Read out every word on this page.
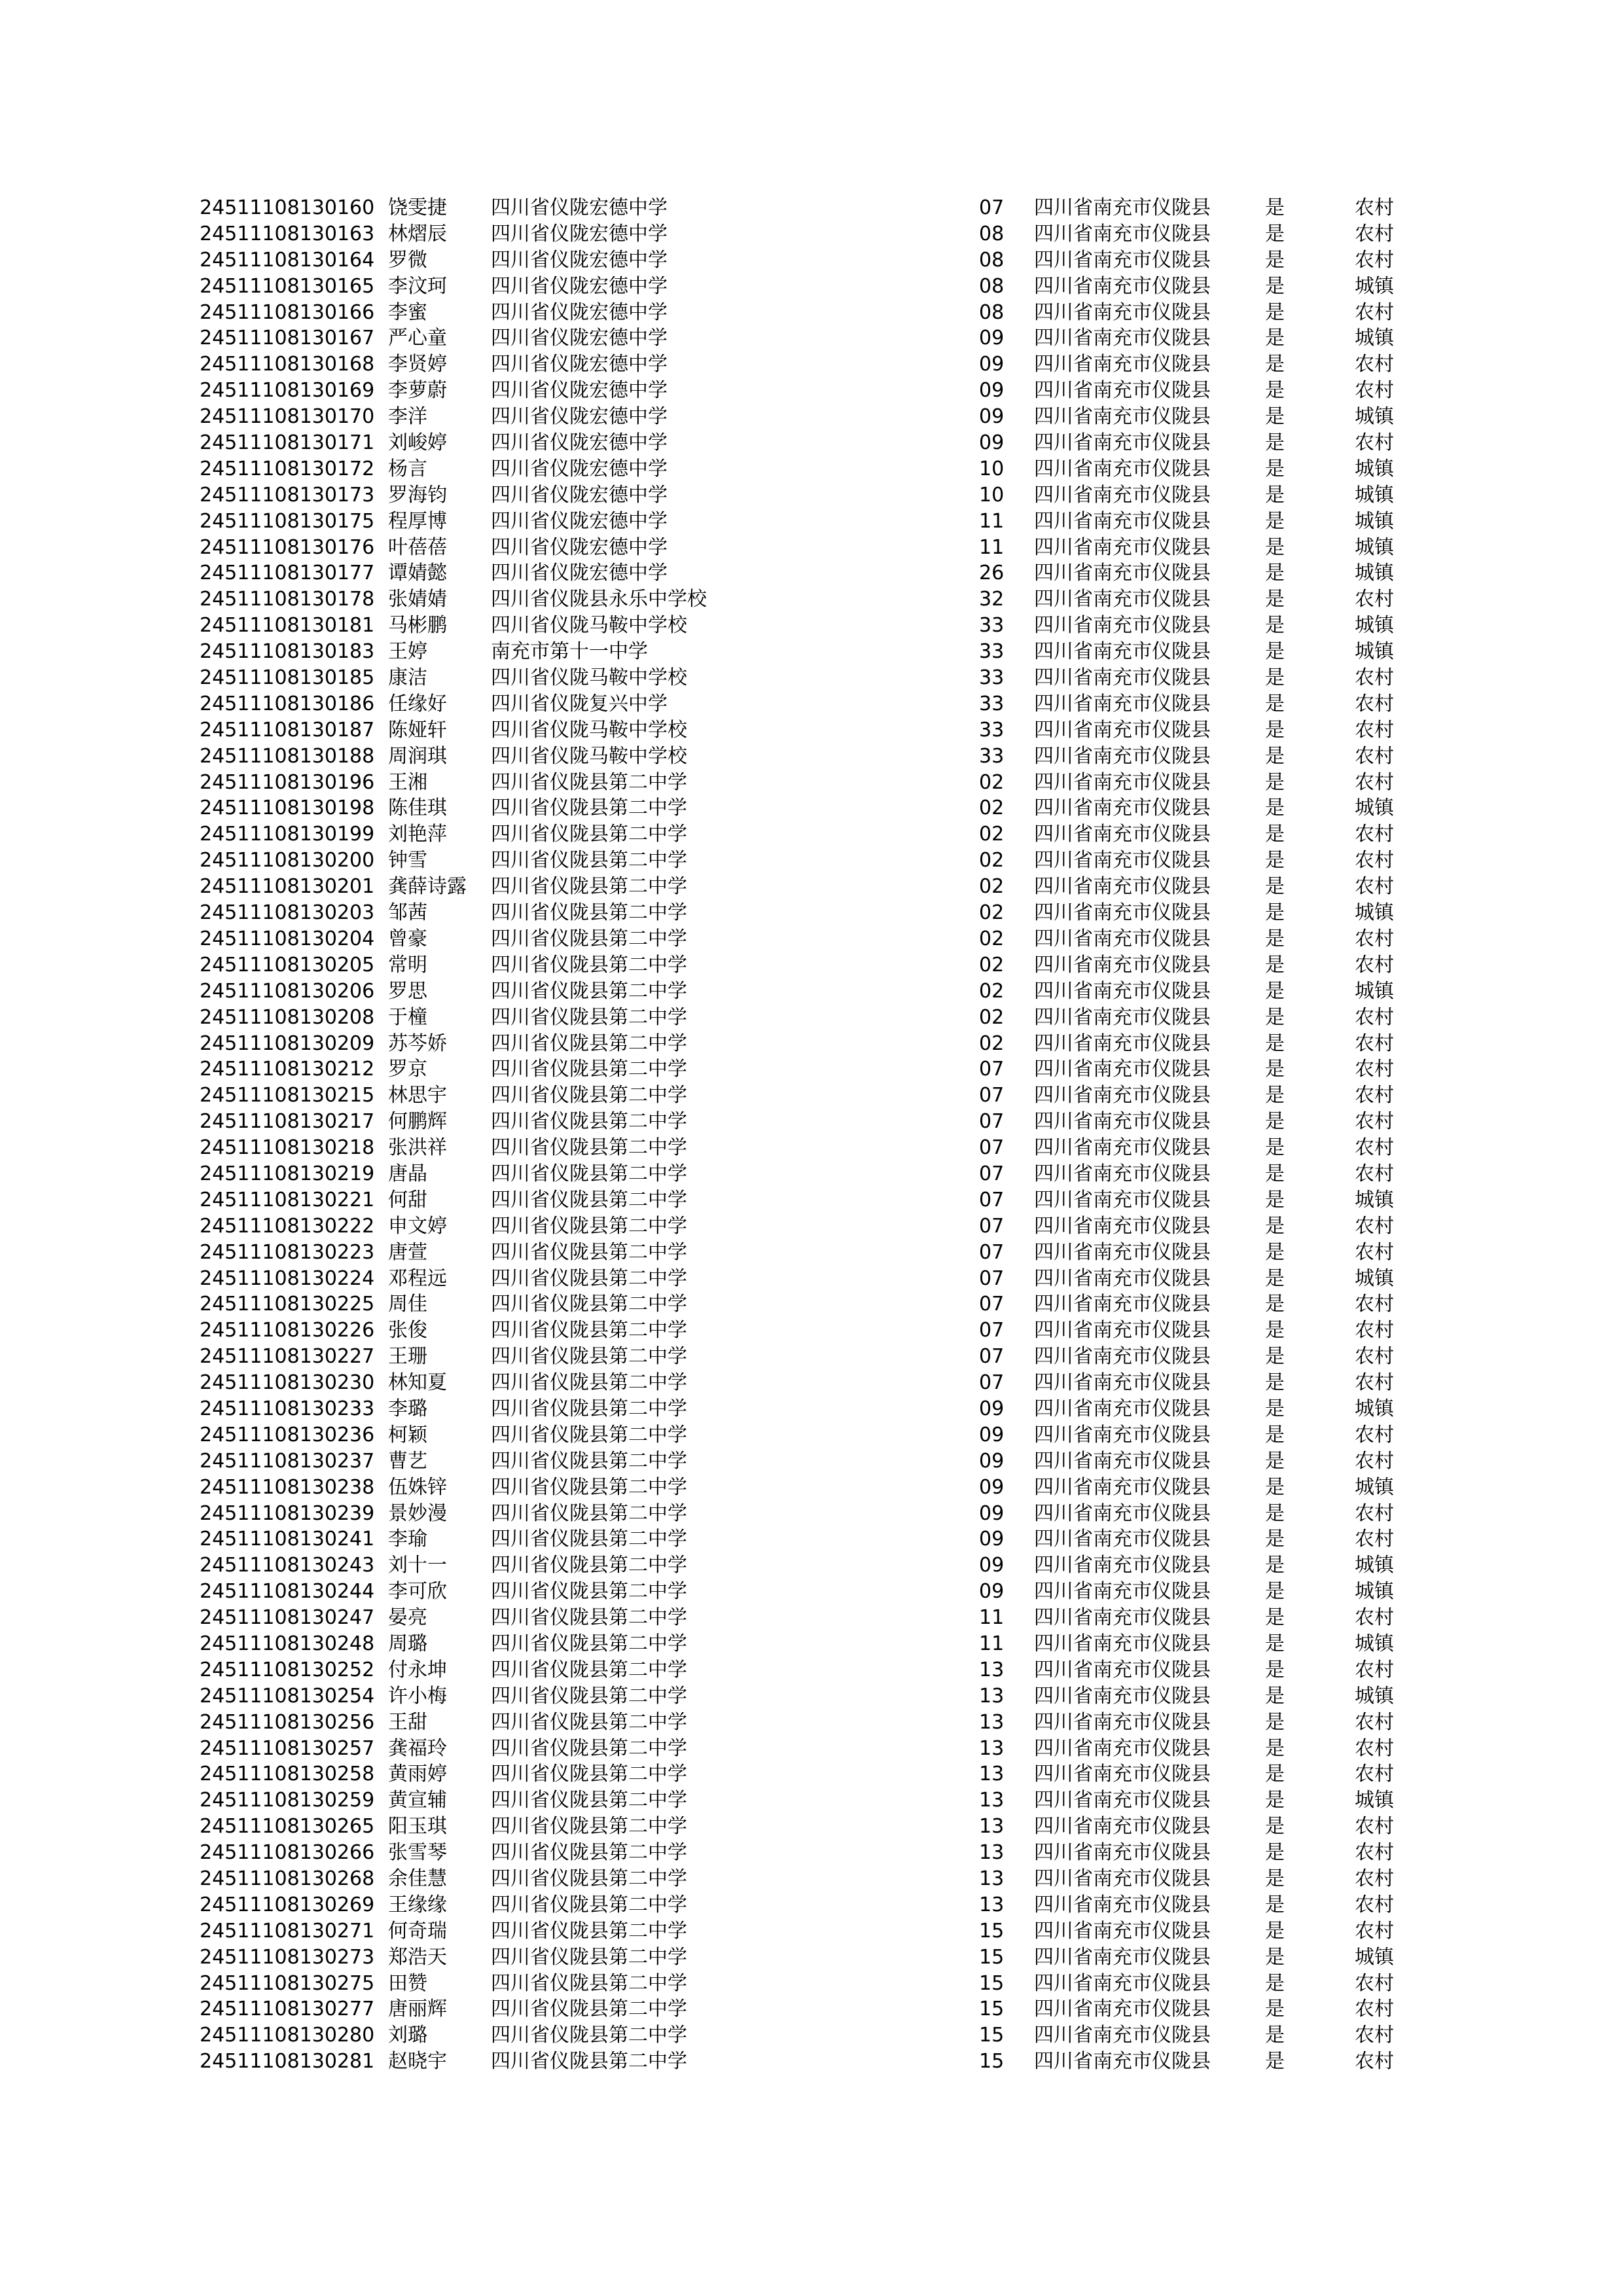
24511108130160 饶雯捷 四川省仪陇宏德中学	07 四川省南充市仪陇县	是	农村
24511108130163 林熠辰 四川省仪陇宏德中学	08 四川省南充市仪陇县	是	农村
24511108130164 罗微	四川省仪陇宏德中学	08 四川省南充市仪陇县	是	农村
24511108130165 李汶珂 四川省仪陇宏德中学	08 四川省南充市仪陇县	是	城镇
24511108130166 李蜜	四川省仪陇宏德中学	08 四川省南充市仪陇县	是	农村
24511108130167 严心童 四川省仪陇宏德中学	09 四川省南充市仪陇县	是	城镇
24511108130168 李贤婷 四川省仪陇宏德中学	09 四川省南充市仪陇县	是	农村
24511108130169 李萝蔚 四川省仪陇宏德中学	09 四川省南充市仪陇县	是	农村
24511108130170 李洋	四川省仪陇宏德中学	09 四川省南充市仪陇县	是	城镇
24511108130171 刘峻婷 四川省仪陇宏德中学	09 四川省南充市仪陇县	是	农村
24511108130172 杨言	四川省仪陇宏德中学	10 四川省南充市仪陇县	是	城镇
24511108130173 罗海钧 四川省仪陇宏德中学	10 四川省南充市仪陇县	是	城镇
24511108130175 程厚博 四川省仪陇宏德中学	11 四川省南充市仪陇县	是	城镇
24511108130176 叶蓓蓓 四川省仪陇宏德中学	11 四川省南充市仪陇县	是	城镇
24511108130177 谭婧懿 四川省仪陇宏德中学	26 四川省南充市仪陇县	是	城镇
24511108130178 张婧婧 四川省仪陇县永乐中学校	32 四川省南充市仪陇县	是	农村
24511108130181 马彬鹏 四川省仪陇马鞍中学校	33 四川省南充市仪陇县	是	城镇
24511108130183 王婷	南充市第十一中学	33 四川省南充市仪陇县	是	城镇
24511108130185 康洁	四川省仪陇马鞍中学校	33 四川省南充市仪陇县	是	农村
24511108130186 任缘好 四川省仪陇复兴中学	33 四川省南充市仪陇县	是	农村
24511108130187 陈娅轩 四川省仪陇马鞍中学校	33 四川省南充市仪陇县	是	农村
24511108130188 周润琪 四川省仪陇马鞍中学校	33 四川省南充市仪陇县	是	农村
24511108130196 王湘	四川省仪陇县第二中学	02 四川省南充市仪陇县	是	农村
24511108130198 陈佳琪 四川省仪陇县第二中学	02 四川省南充市仪陇县	是	城镇
24511108130199 刘艳萍 四川省仪陇县第二中学	02 四川省南充市仪陇县	是	农村
24511108130200 钟雪	四川省仪陇县第二中学	02 四川省南充市仪陇县	是	农村
24511108130201 龚薛诗露 四川省仪陇县第二中学	02 四川省南充市仪陇县	是	农村
24511108130203 邹茜	四川省仪陇县第二中学	02 四川省南充市仪陇县	是	城镇
24511108130204 曾豪	四川省仪陇县第二中学	02 四川省南充市仪陇县	是	农村
24511108130205 常明	四川省仪陇县第二中学	02 四川省南充市仪陇县	是	农村
24511108130206 罗思	四川省仪陇县第二中学	02 四川省南充市仪陇县	是	城镇
24511108130208 于橦	四川省仪陇县第二中学	02 四川省南充市仪陇县	是	农村
24511108130209 苏芩娇 四川省仪陇县第二中学	02 四川省南充市仪陇县	是	农村
24511108130212 罗京	四川省仪陇县第二中学	07 四川省南充市仪陇县	是	农村
24511108130215 林思宇 四川省仪陇县第二中学	07 四川省南充市仪陇县	是	农村
24511108130217 何鹏辉 四川省仪陇县第二中学	07 四川省南充市仪陇县	是	农村
24511108130218 张洪祥 四川省仪陇县第二中学	07 四川省南充市仪陇县	是	农村
24511108130219 唐晶	四川省仪陇县第二中学	07 四川省南充市仪陇县	是	农村
24511108130221 何甜	四川省仪陇县第二中学	07 四川省南充市仪陇县	是	城镇
24511108130222 申文婷 四川省仪陇县第二中学	07 四川省南充市仪陇县	是	农村
24511108130223 唐萱	四川省仪陇县第二中学	07 四川省南充市仪陇县	是	农村
24511108130224 邓程远 四川省仪陇县第二中学	07 四川省南充市仪陇县	是	城镇
24511108130225 周佳	四川省仪陇县第二中学	07 四川省南充市仪陇县	是	农村
24511108130226 张俊	四川省仪陇县第二中学	07 四川省南充市仪陇县	是	农村
24511108130227 王珊	四川省仪陇县第二中学	07 四川省南充市仪陇县	是	农村
24511108130230 林知夏 四川省仪陇县第二中学	07 四川省南充市仪陇县	是	农村
24511108130233 李璐	四川省仪陇县第二中学	09 四川省南充市仪陇县	是	城镇
24511108130236 柯颖	四川省仪陇县第二中学	09 四川省南充市仪陇县	是	农村
24511108130237 曹艺	四川省仪陇县第二中学	09 四川省南充市仪陇县	是	农村
24511108130238 伍姝锌 四川省仪陇县第二中学	09 四川省南充市仪陇县	是	城镇
24511108130239 景妙漫 四川省仪陇县第二中学	09 四川省南充市仪陇县	是	农村
24511108130241 李瑜	四川省仪陇县第二中学	09 四川省南充市仪陇县	是	农村
24511108130243 刘十一 四川省仪陇县第二中学	09 四川省南充市仪陇县	是	城镇
24511108130244 李可欣 四川省仪陇县第二中学	09 四川省南充市仪陇县	是	城镇
24511108130247 晏亮	四川省仪陇县第二中学	11 四川省南充市仪陇县	是	农村
24511108130248 周璐	四川省仪陇县第二中学	11 四川省南充市仪陇县	是	城镇
24511108130252 付永坤 四川省仪陇县第二中学	13 四川省南充市仪陇县	是	农村
24511108130254 许小梅 四川省仪陇县第二中学	13 四川省南充市仪陇县	是	城镇
24511108130256 王甜	四川省仪陇县第二中学	13 四川省南充市仪陇县	是	农村
24511108130257 龚福玲 四川省仪陇县第二中学	13 四川省南充市仪陇县	是	农村
24511108130258 黄雨婷 四川省仪陇县第二中学	13 四川省南充市仪陇县	是	农村
24511108130259 黄宣辅 四川省仪陇县第二中学	13 四川省南充市仪陇县	是	城镇
24511108130265 阳玉琪 四川省仪陇县第二中学	13 四川省南充市仪陇县	是	农村
24511108130266 张雪琴 四川省仪陇县第二中学	13 四川省南充市仪陇县	是	农村
24511108130268 余佳慧 四川省仪陇县第二中学	13 四川省南充市仪陇县	是	农村
24511108130269 王缘缘 四川省仪陇县第二中学	13 四川省南充市仪陇县	是	农村
24511108130271 何奇瑞 四川省仪陇县第二中学	15 四川省南充市仪陇县	是	农村
24511108130273 郑浩天 四川省仪陇县第二中学	15 四川省南充市仪陇县	是	城镇
24511108130275 田赞	四川省仪陇县第二中学	15 四川省南充市仪陇县	是	农村
24511108130277 唐丽辉 四川省仪陇县第二中学	15 四川省南充市仪陇县	是	农村
24511108130280 刘璐	四川省仪陇县第二中学	15 四川省南充市仪陇县	是	农村
24511108130281 赵晓宇 四川省仪陇县第二中学	15 四川省南充市仪陇县	是	农村
